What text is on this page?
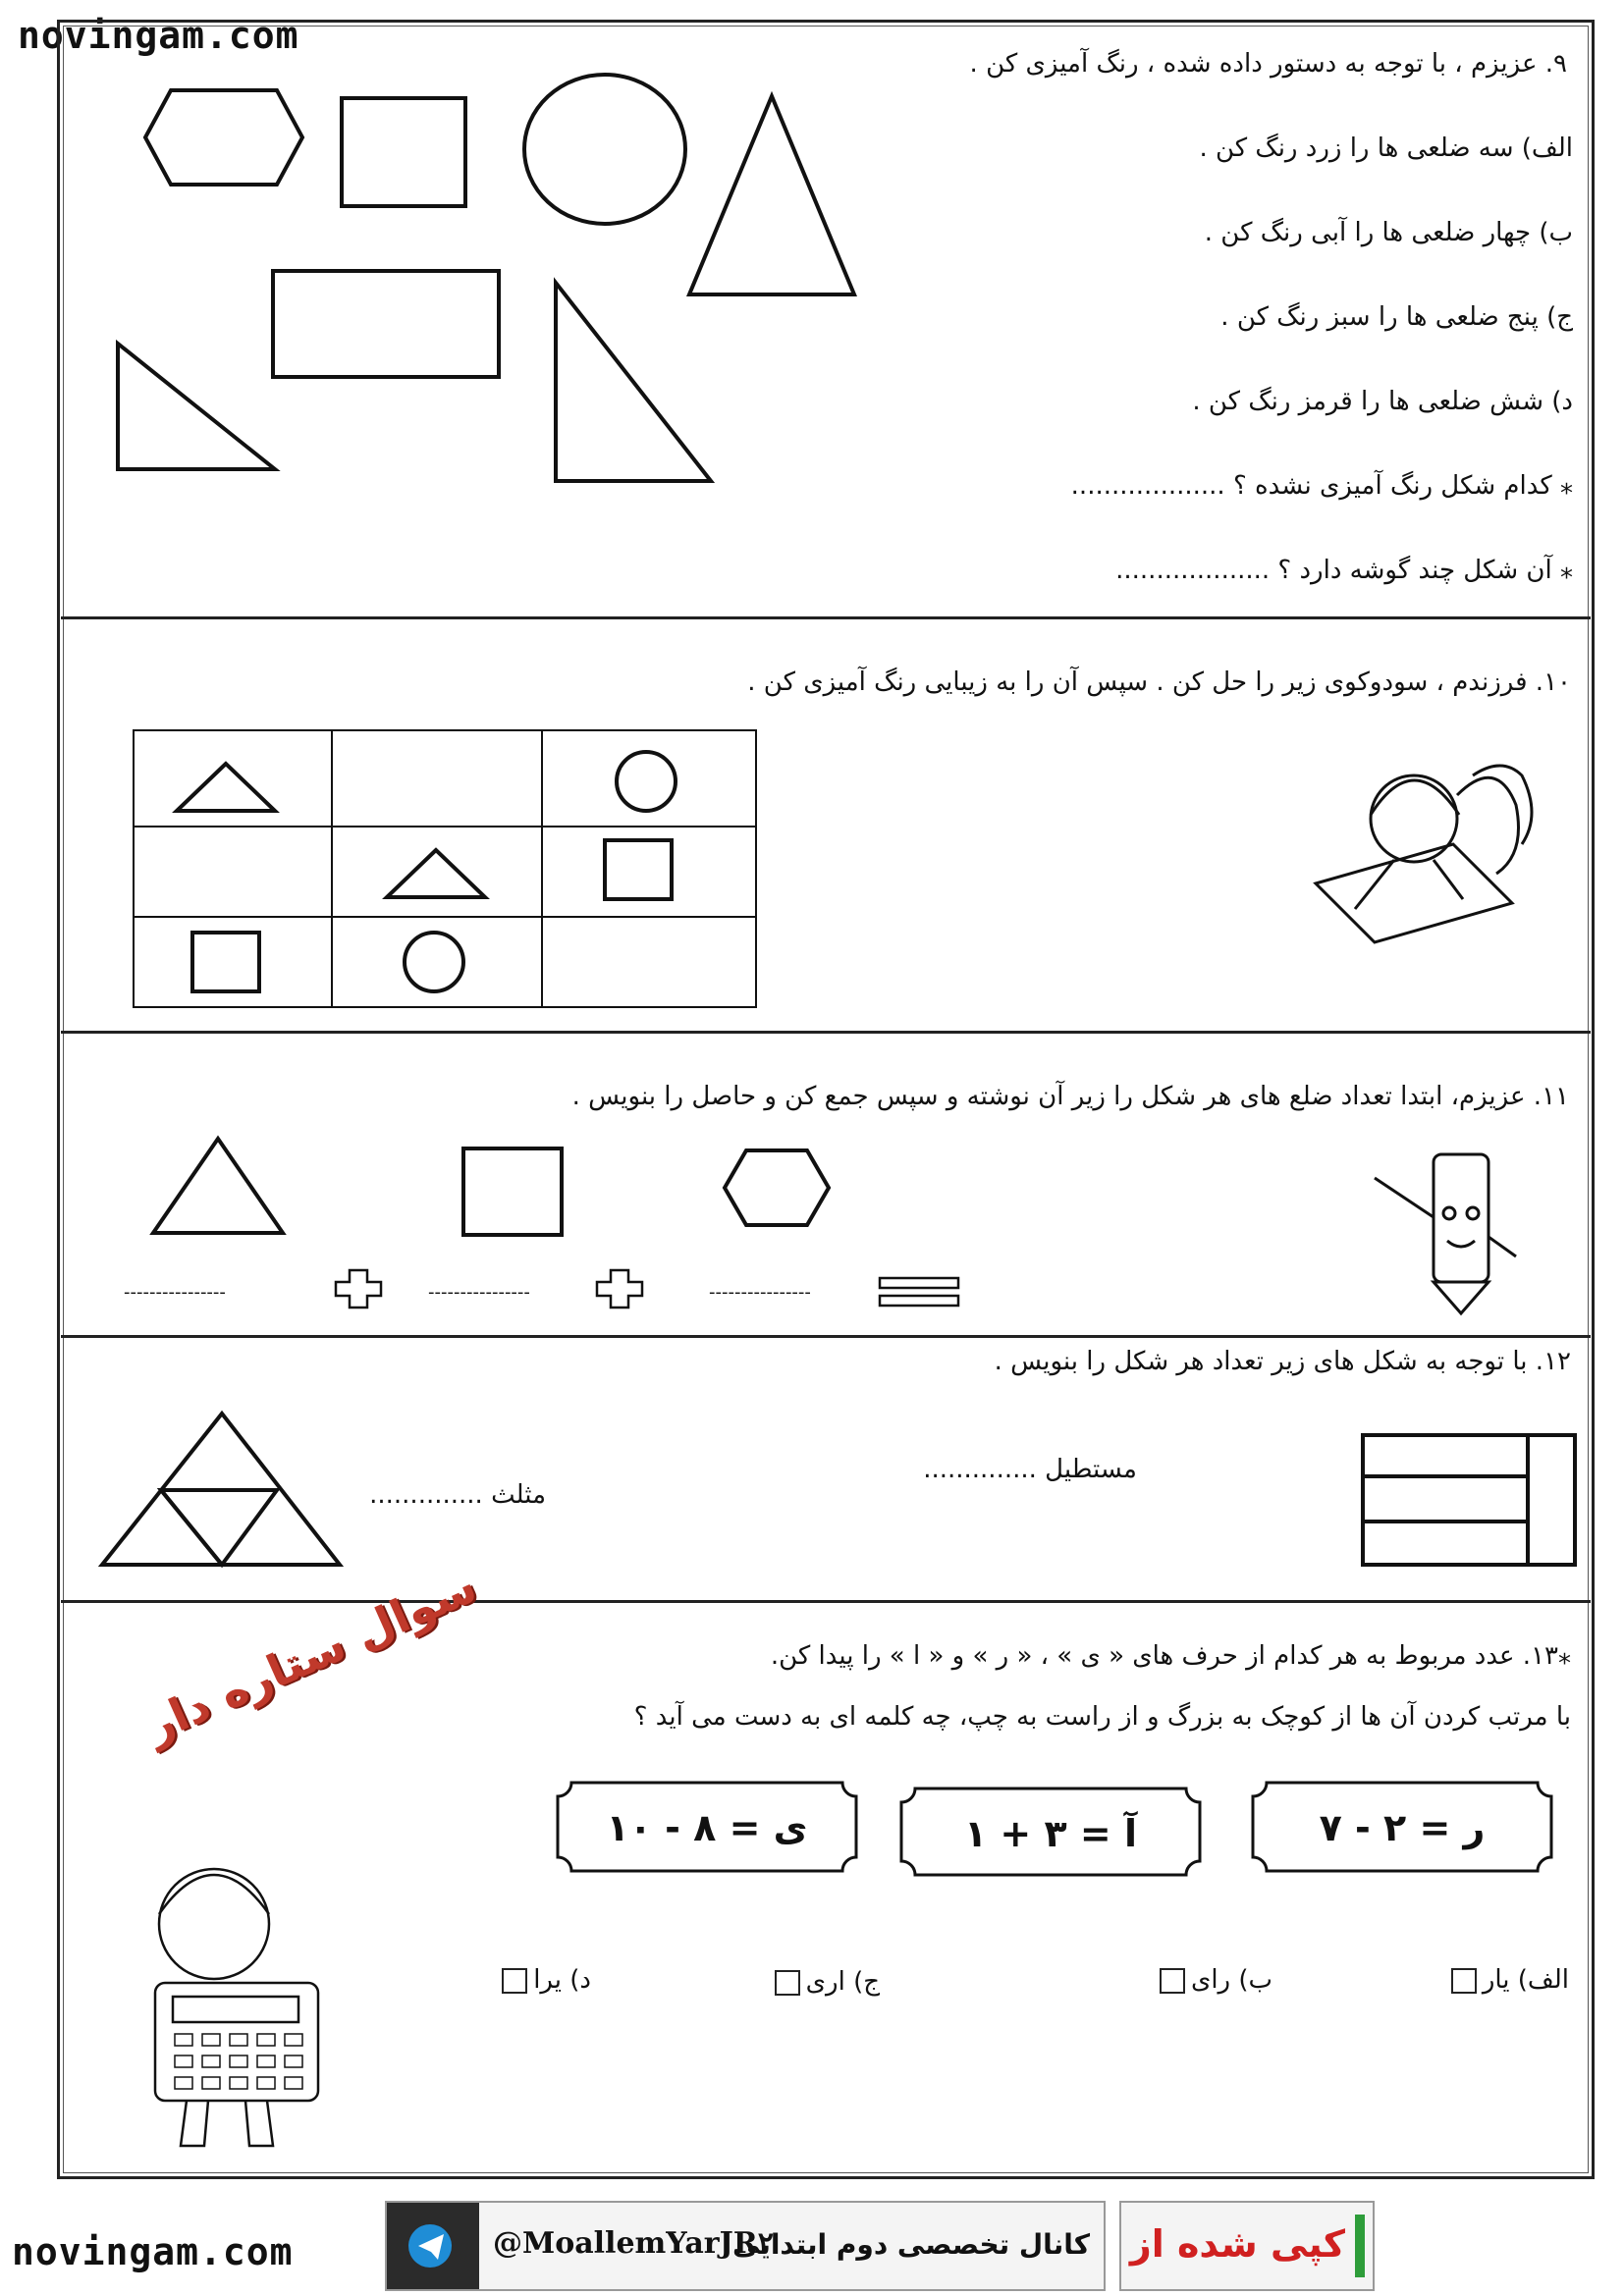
novingam.com
novingam.com
۹. عزیزم ، با توجه به دستور داده شده ، رنگ آمیزی کن .
الف) سه ضلعی ها را زرد رنگ کن .
ب) چهار ضلعی ها را آبی رنگ کن .
ج) پنج ضلعی ها را سبز رنگ کن .
د) شش ضلعی ها را قرمز رنگ کن .
⁎ کدام شکل رنگ آمیزی نشده ؟ ...................
⁎ آن شکل چند گوشه دارد ؟ ...................
۱۰. فرزندم ، سودوکوی زیر را حل کن . سپس آن را به زیبایی رنگ آمیزی کن .
۱۱. عزیزم، ابتدا تعداد ضلع های هر شکل را زیر آن نوشته و سپس جمع کن و حاصل را بنویس .
----------------	----------------	----------------
۱۲. با توجه به شکل های زیر تعداد هر شکل را بنویس .
مستطیل ..............
مثلث ..............
⁎۱۳. عدد مربوط به هر کدام از حرف های « ی » ، « ر » و « ا » را پیدا کن.
با مرتب کردن آن ها از کوچک به بزرگ و از راست به چپ، چه کلمه ای به دست می آید ؟
سوال ستاره دار
ر = ۲ - ۷
آ = ۳ + ۱
ی = ۸ - ۱۰
الف) یار
ب) رای
ج) ارى
د) یرا
@MoallemYarJR۲
کانال تخصصی دوم ابتدایی کپی شده از
